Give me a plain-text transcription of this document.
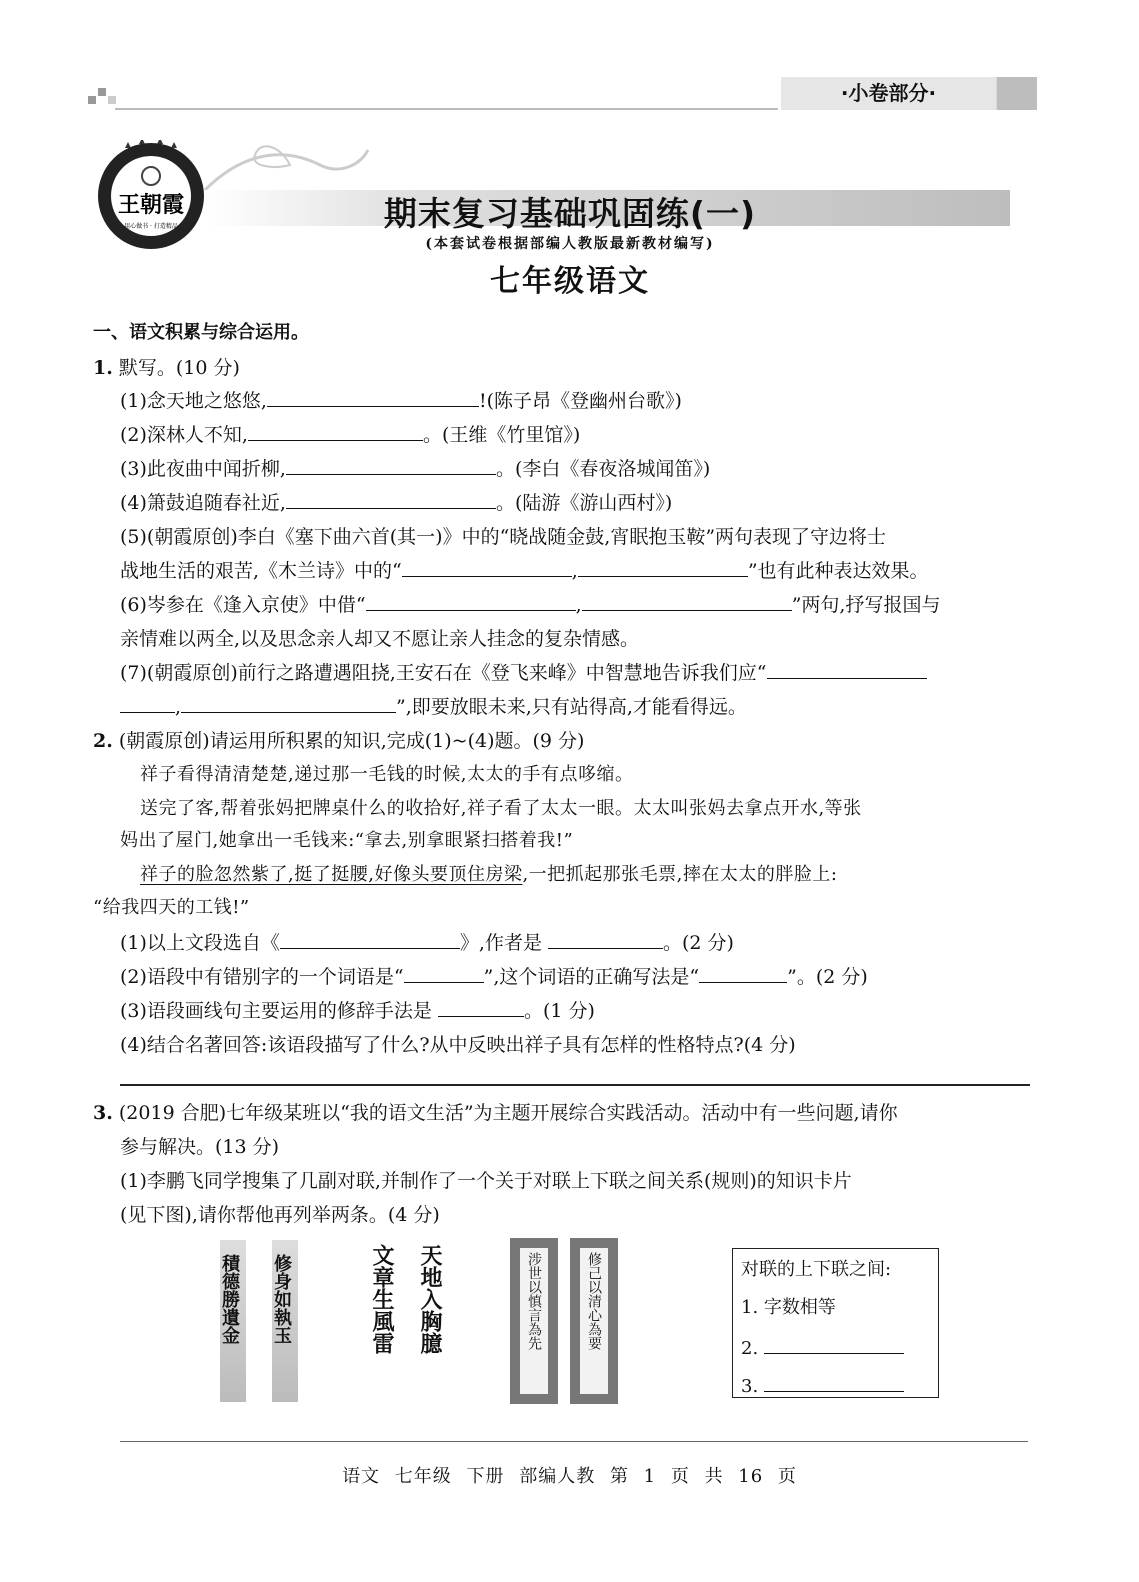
·小卷部分·
王朝霞
用心做书 · 打造精品	期末复习基础巩固练(一)
(本套试卷根据部编人教版最新教材编写)
七年级语文
一、语文积累与综合运用。
1. 默写。(10 分)
(1)念天地之悠悠,	!(陈子昂《登幽州台歌》)
(2)深林人不知,	。(王维《竹里馆》)
(3)此夜曲中闻折柳,	。(李白《春夜洛城闻笛》)
(4)箫鼓追随春社近,	。(陆游《游山西村》)
(5)(朝霞原创)李白《塞下曲六首(其一)》中的“晓战随金鼓,宵眠抱玉鞍”两句表现了守边将士
战地生活的艰苦,《木兰诗》中的“	,	”也有此种表达效果。
(6)岑参在《逢入京使》中借“	,	”两句,抒写报国与
亲情难以两全,以及思念亲人却又不愿让亲人挂念的复杂情感。
(7)(朝霞原创)前行之路遭遇阻挠,王安石在《登飞来峰》中智慧地告诉我们应“
,	”,即要放眼未来,只有站得高,才能看得远。
2. (朝霞原创)请运用所积累的知识,完成(1)~(4)题。(9 分)
祥子看得清清楚楚,递过那一毛钱的时候,太太的手有点哆缩。
送完了客,帮着张妈把牌桌什么的收拾好,祥子看了太太一眼。太太叫张妈去拿点开水,等张
妈出了屋门,她拿出一毛钱来:“拿去,别拿眼紧扫搭着我!”
祥子的脸忽然紫了,挺了挺腰,好像头要顶住房梁,一把抓起那张毛票,摔在太太的胖脸上:
“给我四天的工钱!”
(1)以上文段选自《	》,作者是	。(2 分)
(2)语段中有错别字的一个词语是“	”,这个词语的正确写法是“	”。(2 分)
(3)语段画线句主要运用的修辞手法是	。(1 分)
(4)结合名著回答:该语段描写了什么?从中反映出祥子具有怎样的性格特点?(4 分)
3. (2019 合肥)七年级某班以“我的语文生活”为主题开展综合实践活动。活动中有一些问题,请你
参与解决。(13 分)
(1)李鹏飞同学搜集了几副对联,并制作了一个关于对联上下联之间关系(规则)的知识卡片
(见下图),请你帮他再列举两条。(4 分)
積德勝遺金	修身如執玉	文章生風雷 天地入胸臆	涉世以慎言為先	修己以清心為要	对联的上下联之间:
1. 字数相等
2.
3.
语文 七年级 下册 部编人教 第 1 页 共 16 页
